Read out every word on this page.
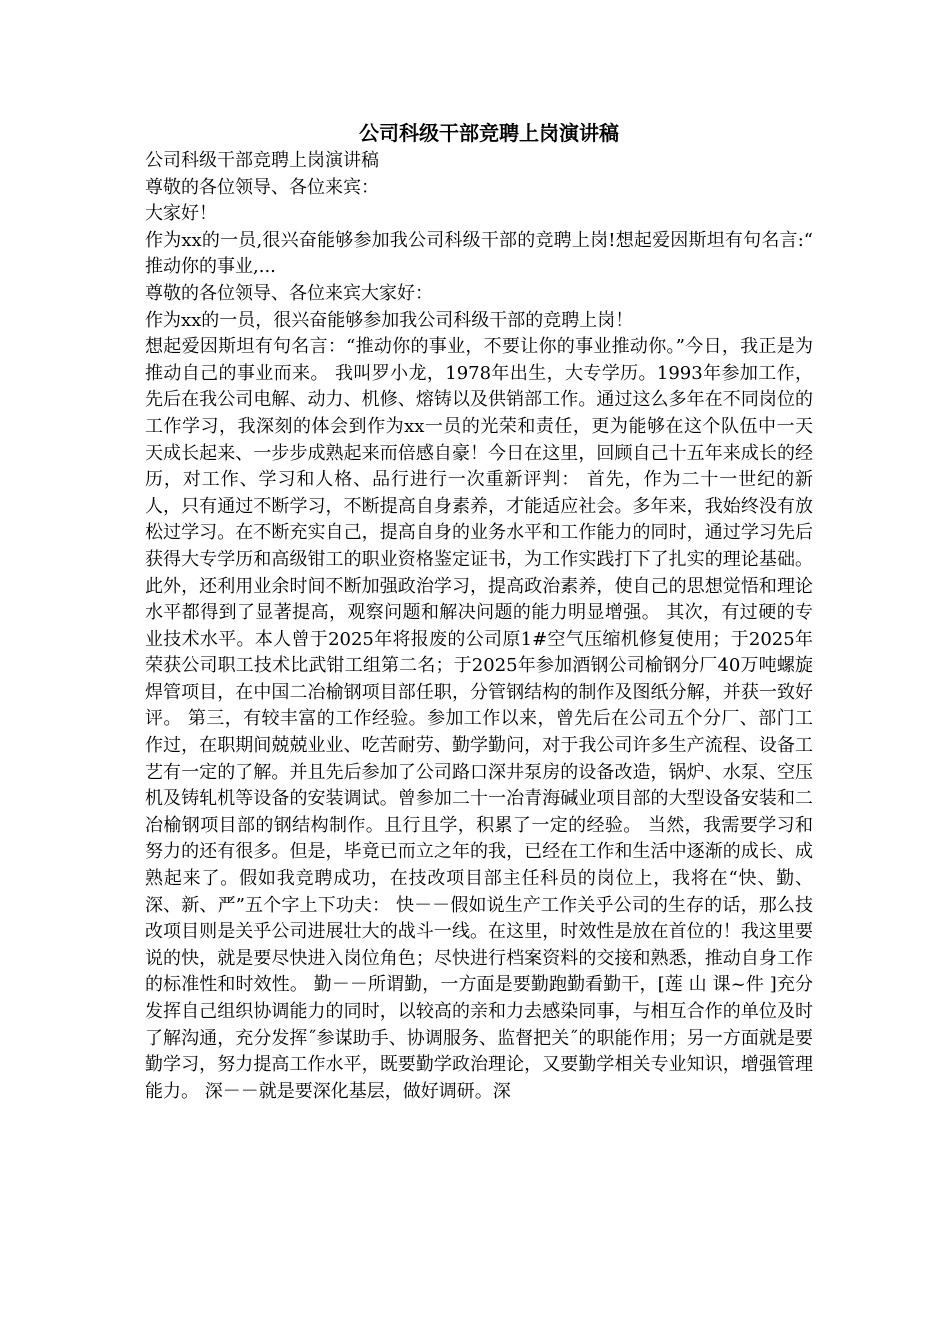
公司科级干部竞聘上岗演讲稿

公司科级干部竞聘上岗演讲稿

尊敬的各位领导、各位来宾：

大家好！

作为xx的一员,很兴奋能够参加我公司科级干部的竞聘上岗!想起爱因斯坦有句名言:“ 推动你的事业,...

尊敬的各位领导、各位来宾大家好：

作为xx的一员，很兴奋能够参加我公司科级干部的竞聘上岗！

想起爱因斯坦有句名言：“推动你的事业，不要让你的事业推动你。”今日，我正是为推动自己的事业而来。 我叫罗小龙，1978年出生，大专学历。1993年参加工作，先后在我公司电解、动力、机修、熔铸以及供销部工作。通过这么多年在不同岗位的工作学习，我深刻的体会到作为xx一员的光荣和责任，更为能够在这个队伍中一天天成长起来、一步步成熟起来而倍感自豪！今日在这里，回顾自己十五年来成长的经历，对工作、学习和人格、品行进行一次重新评判： 首先，作为二十一世纪的新人，只有通过不断学习，不断提高自身素养，才能适应社会。多年来，我始终没有放松过学习。在不断充实自己，提高自身的业务水平和工作能力的同时，通过学习先后获得大专学历和高级钳工的职业资格鉴定证书，为工作实践打下了扎实的理论基础。此外，还利用业余时间不断加强政治学习，提高政治素养，使自己的思想觉悟和理论水平都得到了显著提高，观察问题和解决问题的能力明显增强。 其次，有过硬的专业技术水平。本人曾于2025年将报废的公司原1#空气压缩机修复使用；于2025年荣获公司职工技术比武钳工组第二名；于2025年参加酒钢公司榆钢分厂40万吨螺旋焊管项目，在中国二冶榆钢项目部任职，分管钢结构的制作及图纸分解，并获一致好评。 第三，有较丰富的工作经验。参加工作以来，曾先后在公司五个分厂、部门工作过，在职期间兢兢业业、吃苦耐劳、勤学勤问，对于我公司许多生产流程、设备工艺有一定的了解。并且先后参加了公司路口深井泵房的设备改造，锅炉、水泵、空压机及铸轧机等设备的安装调试。曾参加二十一冶青海碱业项目部的大型设备安装和二冶榆钢项目部的钢结构制作。且行且学，积累了一定的经验。 当然，我需要学习和努力的还有很多。但是，毕竟已而立之年的我，已经在工作和生活中逐渐的成长、成熟起来了。假如我竞聘成功，在技改项目部主任科员的岗位上，我将在“快、勤、深、新、严”五个字上下功夫： 快－－假如说生产工作关乎公司的生存的话，那么技改项目则是关乎公司进展壮大的战斗一线。在这里，时效性是放在首位的！我这里要说的快，就是要尽快进入岗位角色；尽快进行档案资料的交接和熟悉，推动自身工作的标准性和时效性。 勤－－所谓勤，一方面是要勤跑勤看勤干，[莲 山 课~件 ]充分发挥自己组织协调能力的同时，以较高的亲和力去感染同事，与相互合作的单位及时了解沟通，充分发挥˝参谋助手、协调服务、监督把关˝的职能作用；另一方面就是要勤学习，努力提高工作水平，既要勤学政治理论，又要勤学相关专业知识，增强管理能力。 深－－就是要深化基层，做好调研。深
